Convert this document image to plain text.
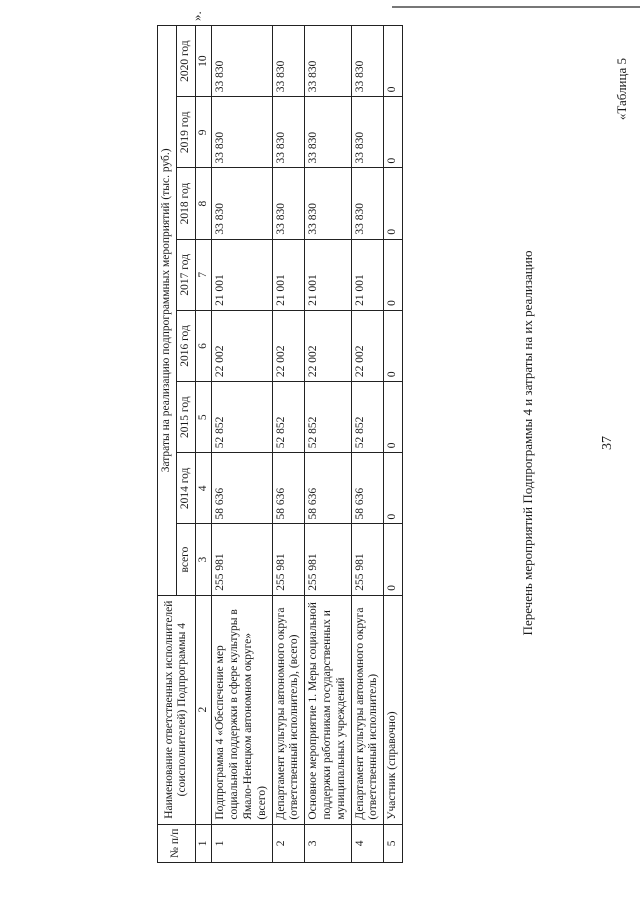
37
«Таблица 5
Перечень мероприятий Подпрограммы 4 и затраты на их реализацию
№ п/п	Наименование ответственных исполнителей (соисполнителей) Подпрограммы 4	Затраты на реализацию подпрограммных мероприятий (тыс. руб.)							
		всего	2014 год	2015 год	2016 год	2017 год	2018 год	2019 год	2020 год
1	2	3	4	5	6	7	8	9	10
1	Подпрограмма 4 «Обеспечение мер социальной поддержки в сфере культуры в Ямало-Ненецком автономном округе» (всего)	255 981	58 636	52 852	22 002	21 001	33 830	33 830	33 830
2	Департамент культуры автономного округа (ответственный исполнитель), (всего)	255 981	58 636	52 852	22 002	21 001	33 830	33 830	33 830
3	Основное мероприятие 1. Меры социальной поддержки работникам государственных и муниципальных учреждений	255 981	58 636	52 852	22 002	21 001	33 830	33 830	33 830
4	Департамент культуры автономного округа (ответственный исполнитель)	255 981	58 636	52 852	22 002	21 001	33 830	33 830	33 830
5	Участник (справочно)	0	0	0	0	0	0	0	0
».
